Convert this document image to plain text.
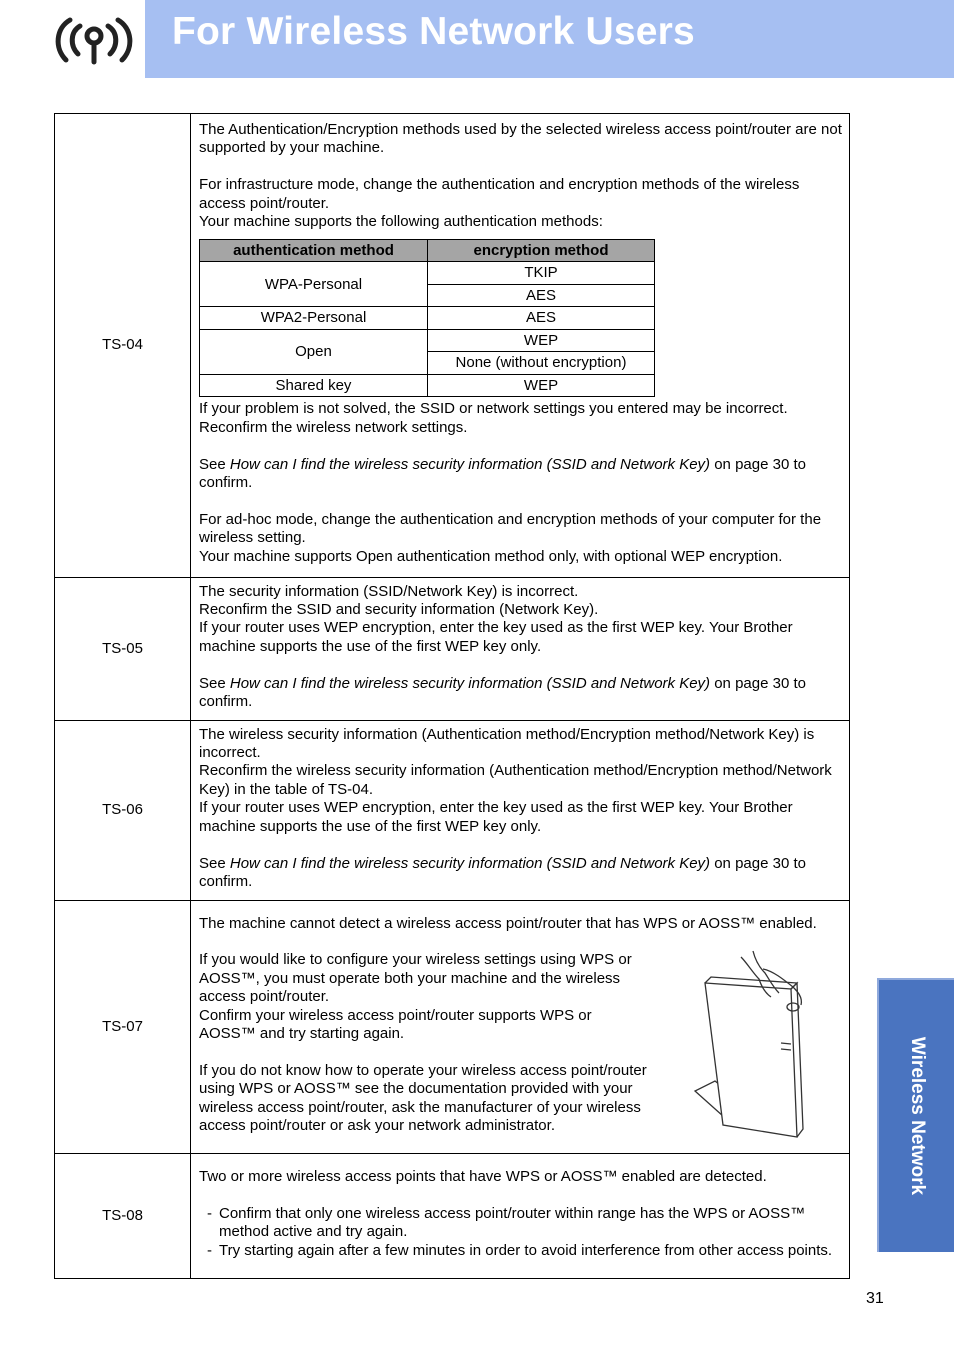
For Wireless Network Users
TS-04	

The Authentication/Encryption methods used by the selected wireless access point/router are not supported by your machine.

For infrastructure mode, change the authentication and encryption methods of the wireless access point/router.

Your machine supports the following authentication methods:

authentication method	encryption method
WPA-Personal	TKIP
AES
WPA2-Personal	AES
Open	WEP
None (without encryption)
Shared key	WEP

If your problem is not solved, the SSID or network settings you entered may be incorrect. Reconfirm the wireless network settings.

See How can I find the wireless security information (SSID and Network Key) on page 30 to confirm.

For ad-hoc mode, change the authentication and encryption methods of your computer for the wireless setting.

Your machine supports Open authentication method only, with optional WEP encryption.

TS-05	

The security information (SSID/Network Key) is incorrect.

Reconfirm the SSID and security information (Network Key).

If your router uses WEP encryption, enter the key used as the first WEP key. Your Brother machine supports the use of the first WEP key only.

See How can I find the wireless security information (SSID and Network Key) on page 30 to confirm.

TS-06	

The wireless security information (Authentication method/Encryption method/Network Key) is incorrect.

Reconfirm the wireless security information (Authentication method/Encryption method/Network Key) in the table of TS-04.

If your router uses WEP encryption, enter the key used as the first WEP key. Your Brother machine supports the use of the first WEP key only.

See How can I find the wireless security information (SSID and Network Key) on page 30 to confirm.

TS-07	

The machine cannot detect a wireless access point/router that has WPS or AOSS™ enabled.

If you would like to configure your wireless settings using WPS or AOSS™, you must operate both your machine and the wireless access point/router.

Confirm your wireless access point/router supports WPS or AOSS™ and try starting again.

If you do not know how to operate your wireless access point/router using WPS or AOSS™ see the documentation provided with your wireless access point/router, ask the manufacturer of your wireless access point/router or ask your network administrator.

TS-08	

Two or more wireless access points that have WPS or AOSS™ enabled are detected.

- Confirm that only one wireless access point/router within range has the WPS or AOSS™ method active and try again.
- Try starting again after a few minutes in order to avoid interference from other access points.
Wireless Network
31
